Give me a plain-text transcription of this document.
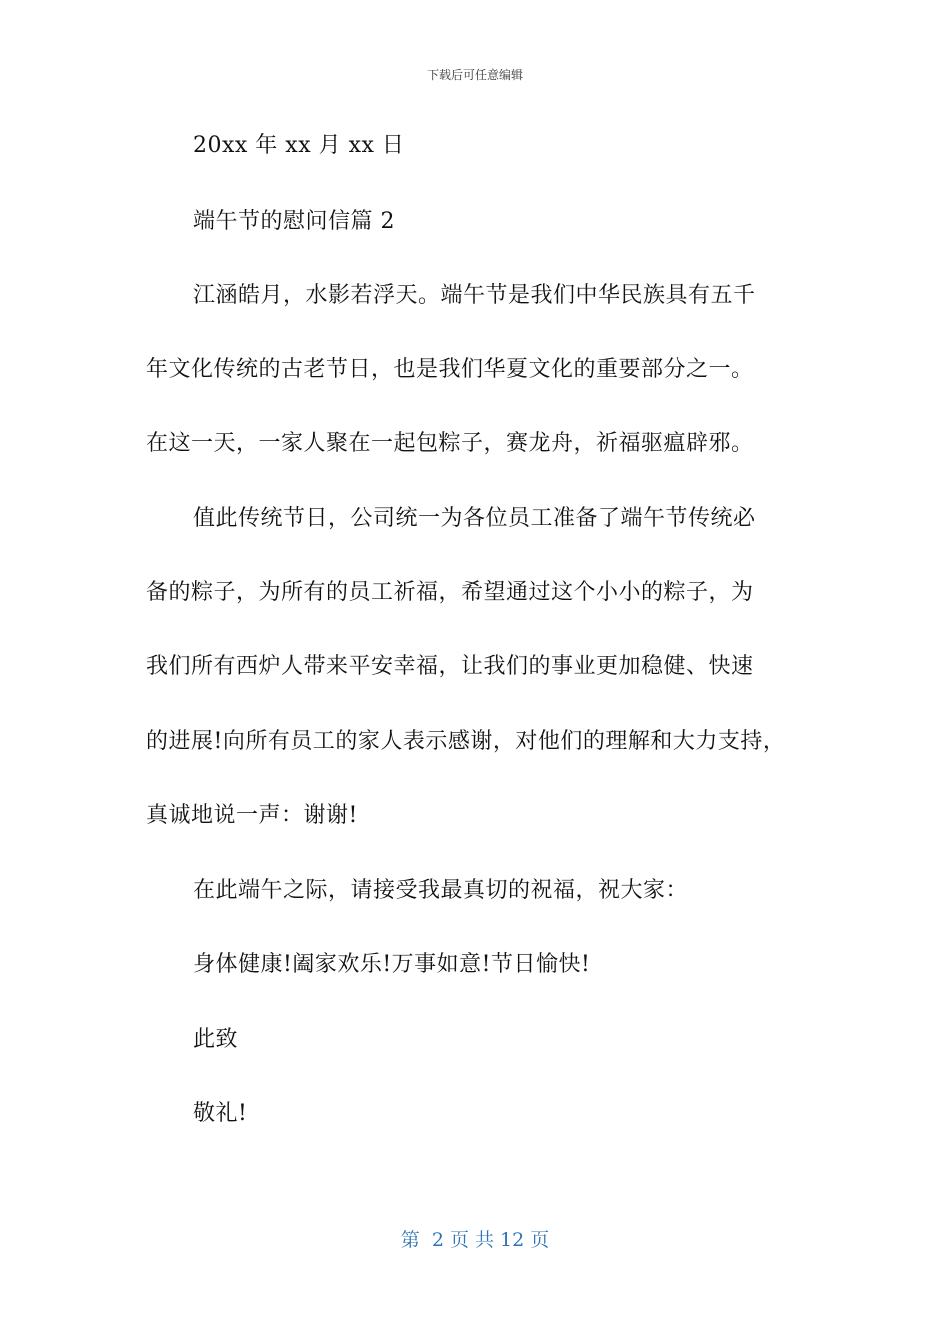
下载后可任意编辑
20xx 年 xx 月 xx 日
端午节的慰问信篇 2
江涵皓月，水影若浮天。端午节是我们中华民族具有五千
年文化传统的古老节日，也是我们华夏文化的重要部分之一。
在这一天，一家人聚在一起包粽子，赛龙舟，祈福驱瘟辟邪。
值此传统节日，公司统一为各位员工准备了端午节传统必
备的粽子，为所有的员工祈福，希望通过这个小小的粽子，为
我们所有西炉人带来平安幸福，让我们的事业更加稳健、快速
的进展!向所有员工的家人表示感谢，对他们的理解和大力支持，
真诚地说一声：谢谢!
在此端午之际，请接受我最真切的祝福，祝大家：
身体健康!阖家欢乐!万事如意!节日愉快!
此致
敬礼!
第  2 页 共 12 页
